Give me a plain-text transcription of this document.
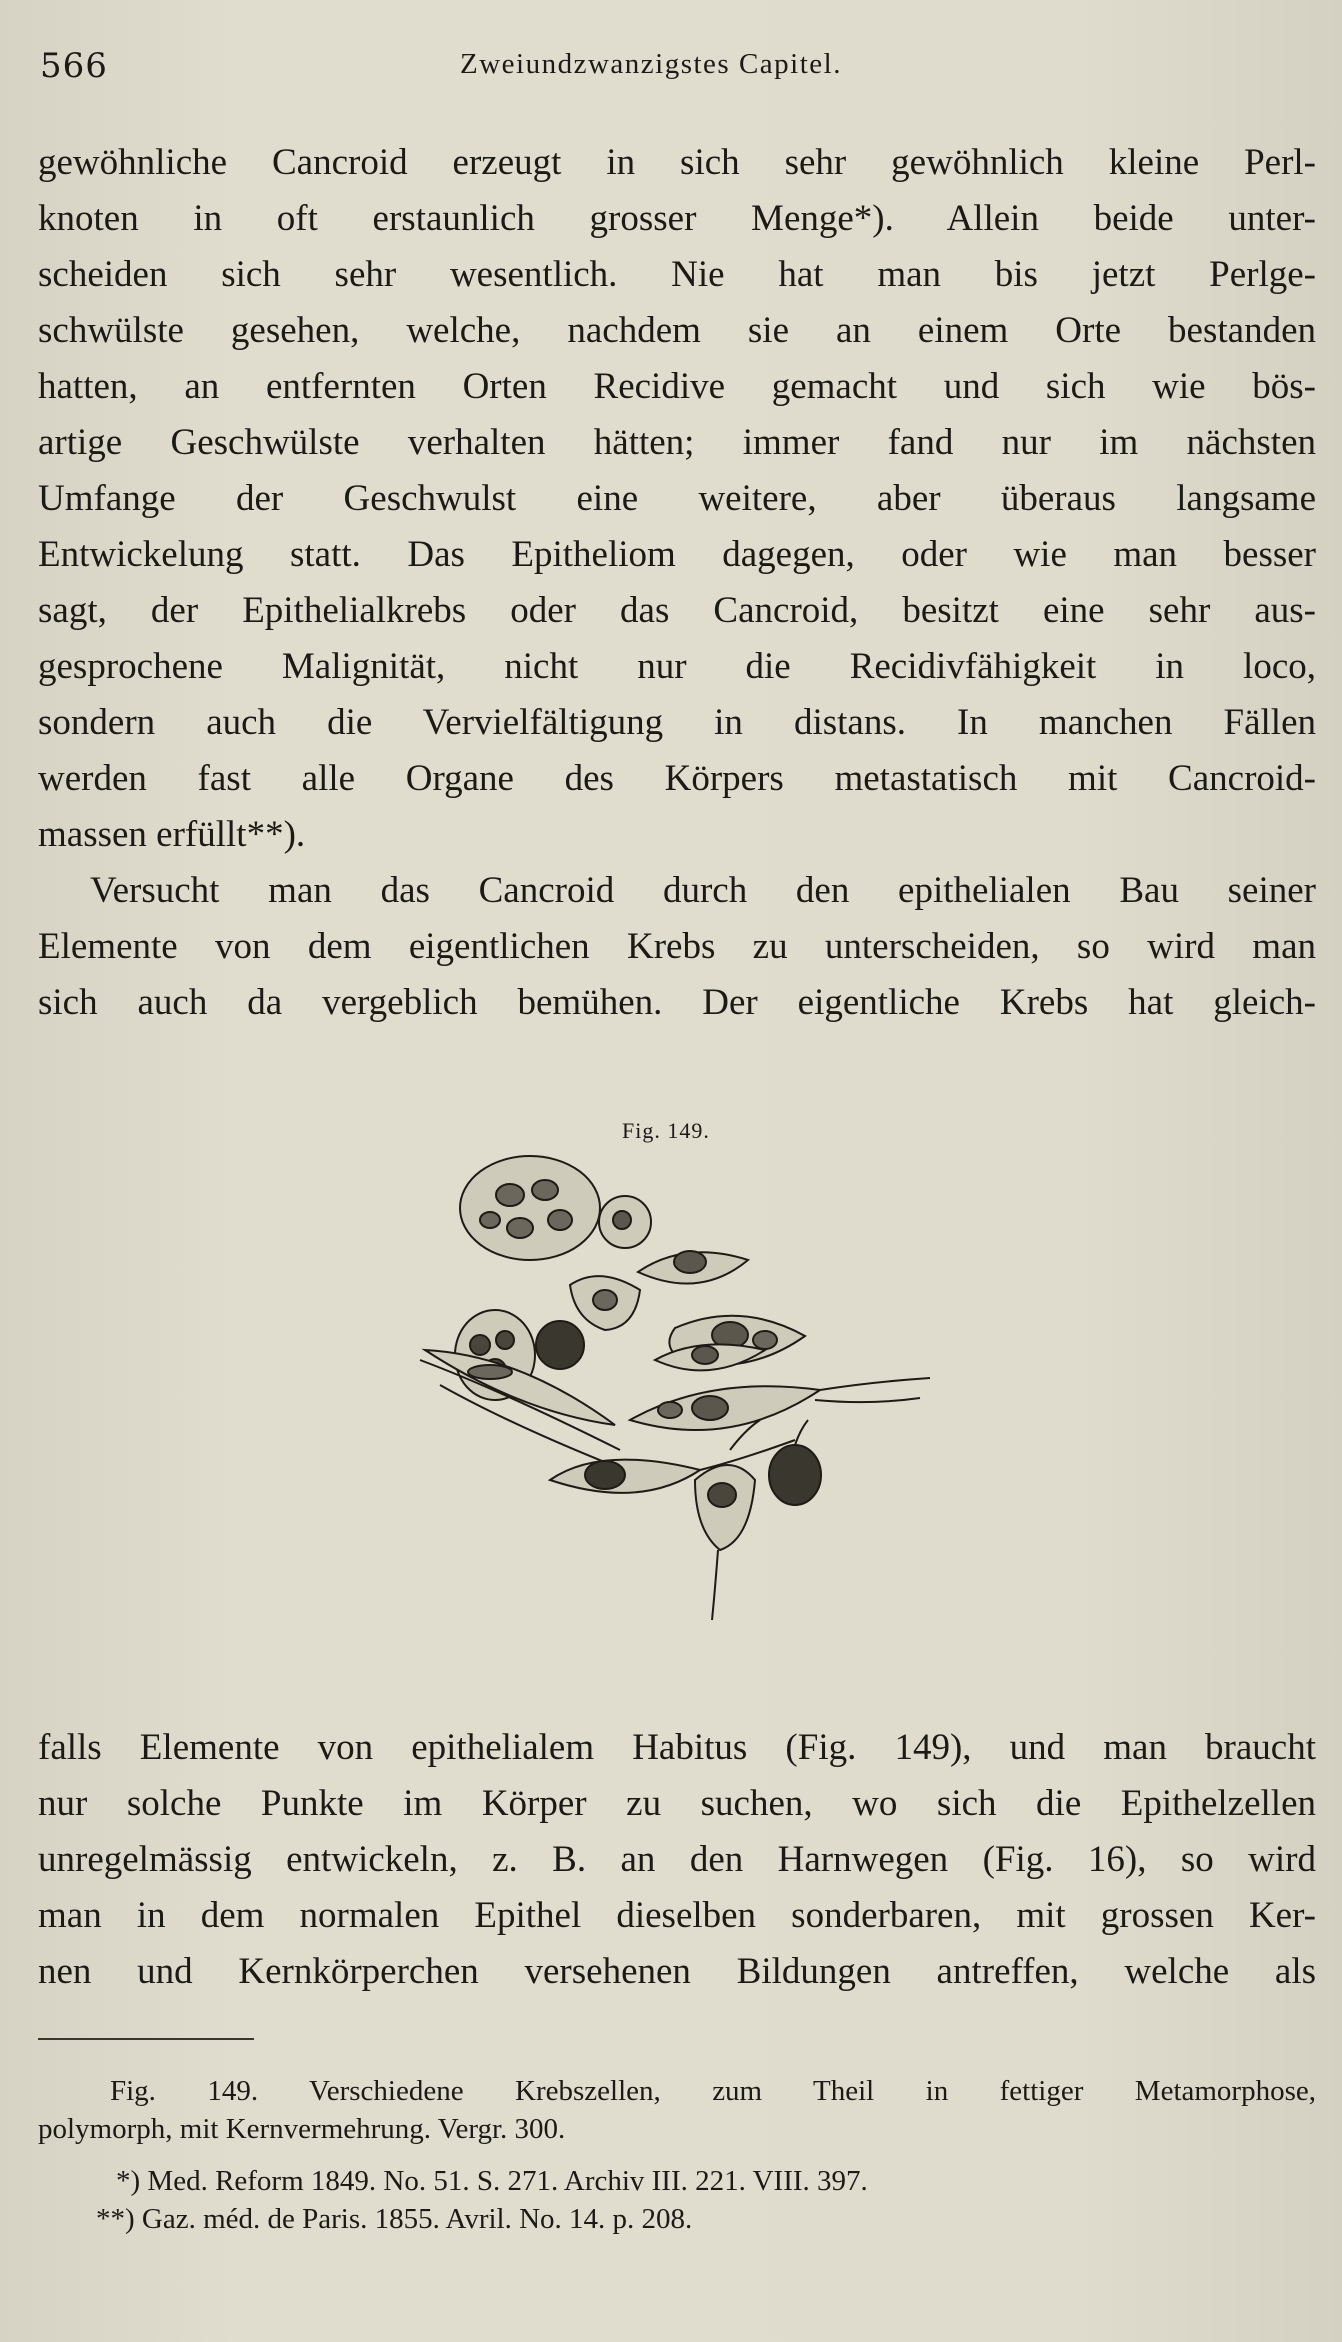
566	Zweiundzwanzigstes Capitel.
gewöhnliche Cancroid erzeugt in sich sehr gewöhnlich kleine Perl-
knoten in oft erstaunlich grosser Menge*). Allein beide unter-
scheiden sich sehr wesentlich. Nie hat man bis jetzt Perlge-
schwülste gesehen, welche, nachdem sie an einem Orte bestanden
hatten, an entfernten Orten Recidive gemacht und sich wie bös-
artige Geschwülste verhalten hätten; immer fand nur im nächsten
Umfange der Geschwulst eine weitere, aber überaus langsame
Entwickelung statt. Das Epitheliom dagegen, oder wie man besser
sagt, der Epithelialkrebs oder das Cancroid, besitzt eine sehr aus-
gesprochene Malignität, nicht nur die Recidivfähigkeit in loco,
sondern auch die Vervielfältigung in distans. In manchen Fällen
werden fast alle Organe des Körpers metastatisch mit Cancroid-
massen erfüllt**).
Versucht man das Cancroid durch den epithelialen Bau seiner
Elemente von dem eigentlichen Krebs zu unterscheiden, so wird man
sich auch da vergeblich bemühen. Der eigentliche Krebs hat gleich-
Fig. 149.
falls Elemente von epithelialem Habitus (Fig. 149), und man braucht
nur solche Punkte im Körper zu suchen, wo sich die Epithelzellen
unregelmässig entwickeln, z. B. an den Harnwegen (Fig. 16), so wird
man in dem normalen Epithel dieselben sonderbaren, mit grossen Ker-
nen und Kernkörperchen versehenen Bildungen antreffen, welche als
Fig. 149. Verschiedene Krebszellen, zum Theil in fettiger Metamorphose,
polymorph, mit Kernvermehrung. Vergr. 300.
*) Med. Reform 1849. No. 51. S. 271. Archiv III. 221. VIII. 397.
**) Gaz. méd. de Paris. 1855. Avril. No. 14. p. 208.
